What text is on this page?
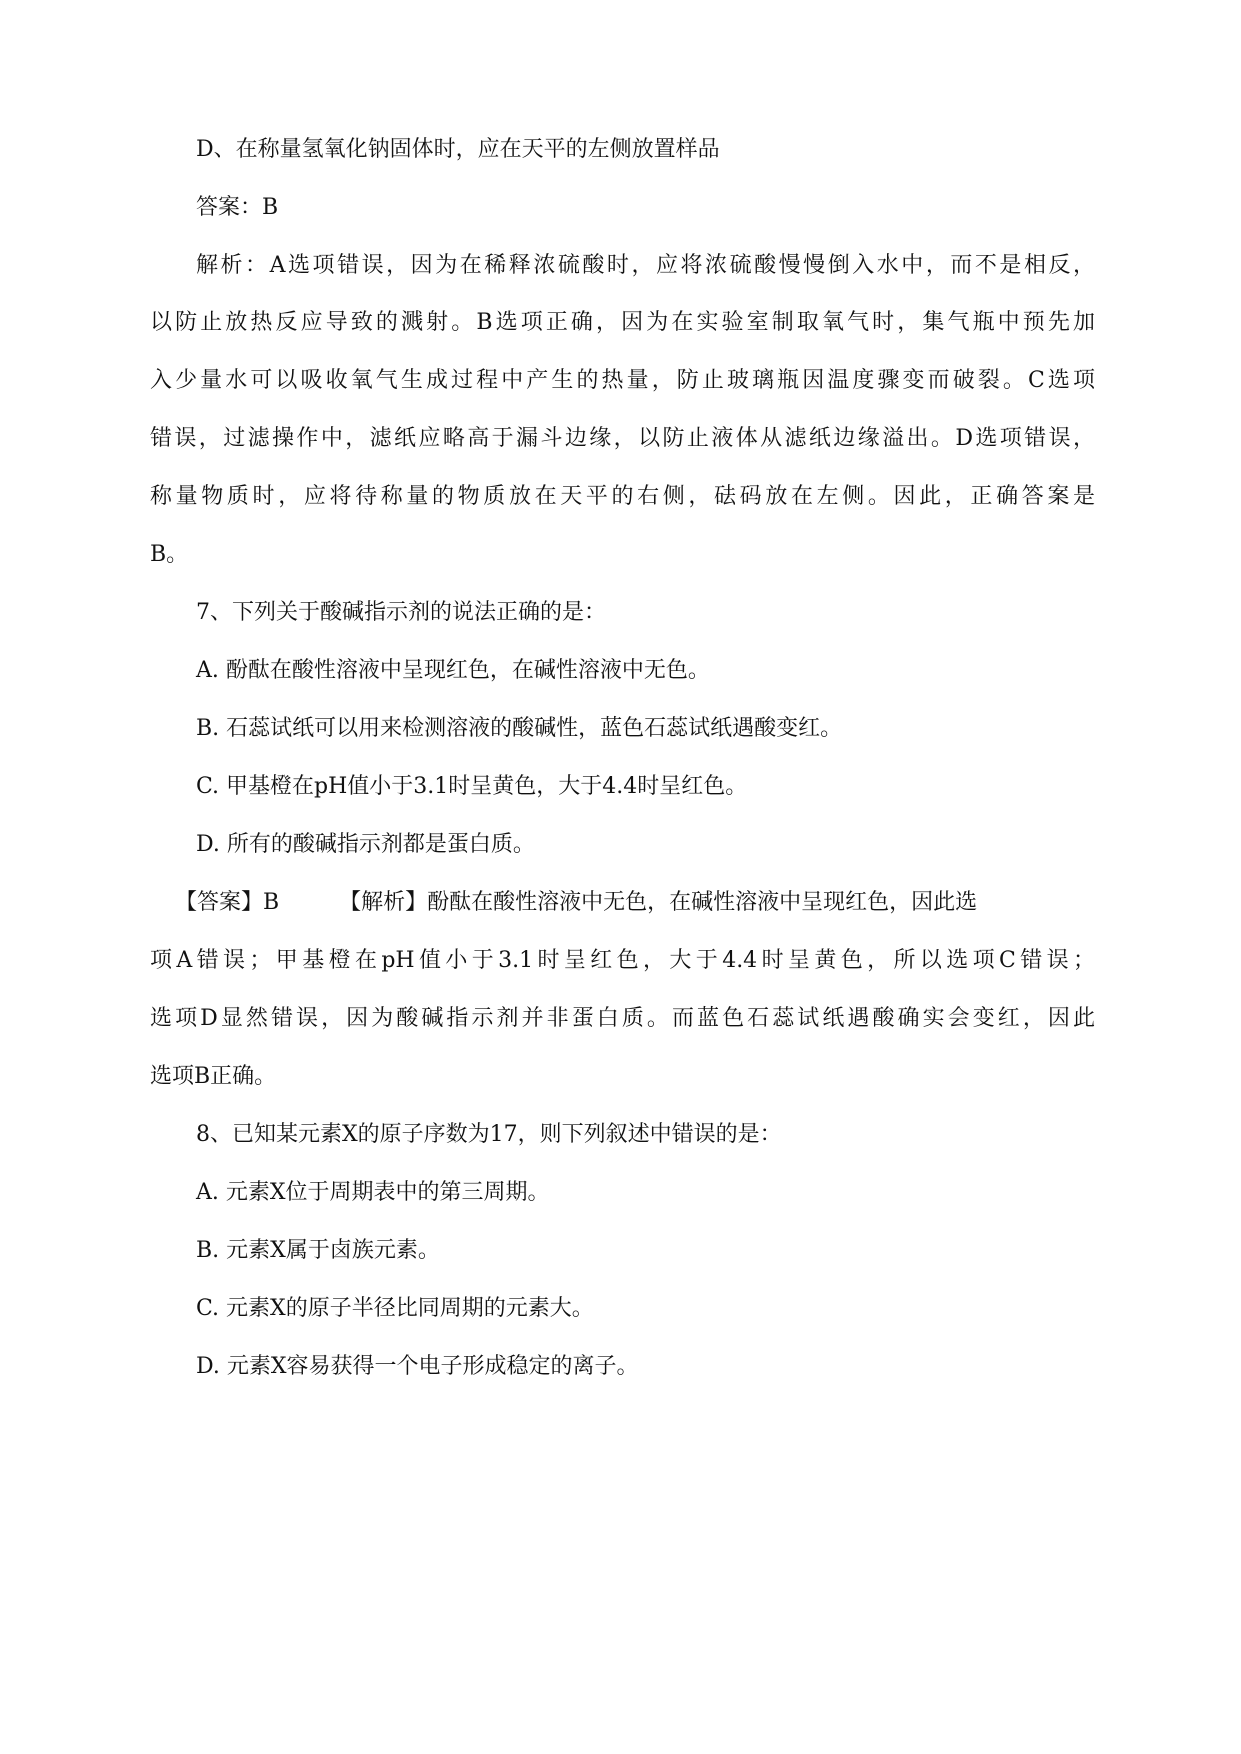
D、在称量氢氧化钠固体时，应在天平的左侧放置样品
答案：B
解析：A选项错误，因为在稀释浓硫酸时，应将浓硫酸慢慢倒入水中，而不是相反，
以防止放热反应导致的溅射。B选项正确，因为在实验室制取氧气时，集气瓶中预先加
入少量水可以吸收氧气生成过程中产生的热量，防止玻璃瓶因温度骤变而破裂。C选项
错误，过滤操作中，滤纸应略高于漏斗边缘，以防止液体从滤纸边缘溢出。D选项错误，
称量物质时，应将待称量的物质放在天平的右侧，砝码放在左侧。因此，正确答案是
B。
7、下列关于酸碱指示剂的说法正确的是：
A. 酚酞在酸性溶液中呈现红色，在碱性溶液中无色。
B. 石蕊试纸可以用来检测溶液的酸碱性，蓝色石蕊试纸遇酸变红。
C. 甲基橙在pH值小于3.1时呈黄色，大于4.4时呈红色。
D. 所有的酸碱指示剂都是蛋白质。
【答案】B	【解析】酚酞在酸性溶液中无色，在碱性溶液中呈现红色，因此选
项A错误；甲基橙在pH值小于3.1时呈红色，大于4.4时呈黄色，所以选项C错误；
选项D显然错误，因为酸碱指示剂并非蛋白质。而蓝色石蕊试纸遇酸确实会变红，因此
选项B正确。
8、已知某元素X的原子序数为17，则下列叙述中错误的是：
A. 元素X位于周期表中的第三周期。
B. 元素X属于卤族元素。
C. 元素X的原子半径比同周期的元素大。
D. 元素X容易获得一个电子形成稳定的离子。
